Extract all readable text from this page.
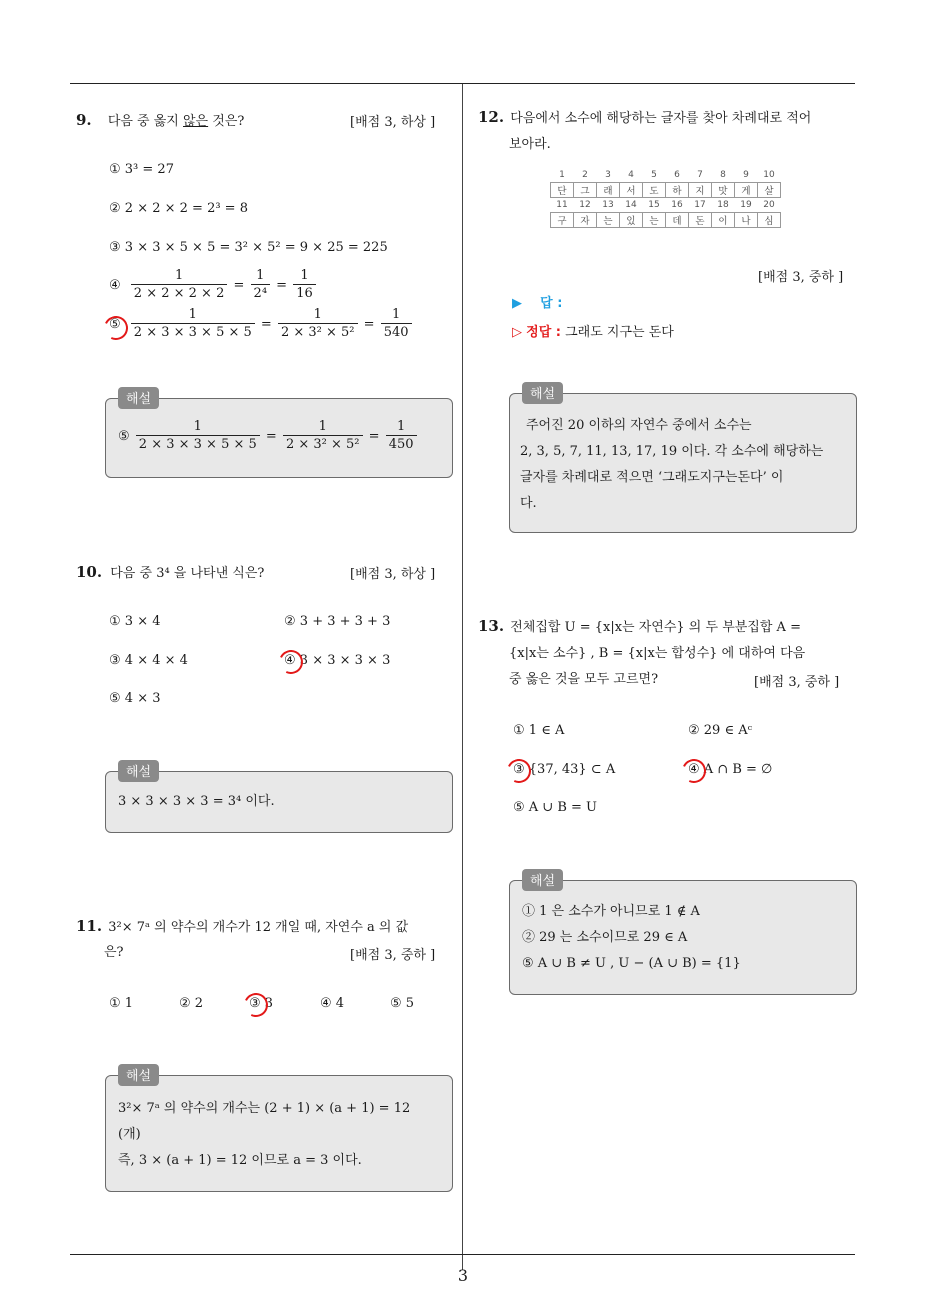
3
9. 다음 중 옳지 않은 것은?	[배점 3, 하상 ]
① 3³ = 27
② 2 × 2 × 2 = 2³ = 8
③ 3 × 3 × 5 × 5 = 3² × 5² = 9 × 25 = 225
④ $\frac{1}{2 \times 2 \times 2 \times 2} = \frac{1}{\text{2⁴}} = \frac{1}{16}$
⑤ $\frac{1}{2 \times 3 \times 3 \times 5 \times 5} = \frac{1}{\text{2 × 3² × 5²}} = \frac{1}{540}$
해설
⑤ $\frac{1}{2 \times 3 \times 3 \times 5 \times 5} = \frac{1}{\text{2 × 3² × 5²}} = \frac{1}{450}$
10. 다음 중 3⁴ 을 나타낸 식은?	[배점 3, 하상 ]
① 3 × 4	② 3 + 3 + 3 + 3
③ 4 × 4 × 4	④ 3 × 3 × 3 × 3
⑤ 4 × 3
해설
3 × 3 × 3 × 3 = 3⁴ 이다.
11. 3²× 7ᵃ 의 약수의 개수가 12 개일 때, 자연수 a 의 값
은?	[배점 3, 중하 ]
① 1	② 2	③ 3	④ 4	⑤ 5
해설
3²× 7ᵃ 의 약수의 개수는 (2 + 1) × (a + 1) = 12
(개)
즉, 3 × (a + 1) = 12 이므로 a = 3 이다.
12. 다음에서 소수에 해당하는 글자를 찾아 차례대로 적어
보아라.
1	2	3	4	5	6	7	8	9	10
단	그	래	서	도	하	지	맛	게	살
11	12	13	14	15	16	17	18	19	20
구	자	는	있	는	데	돈	이	나	심
[배점 3, 중하 ]
▶ 답 :
▷ 정답 : 그래도 지구는 돈다
해설
주어진 20 이하의 자연수 중에서 소수는
2, 3, 5, 7, 11, 13, 17, 19 이다. 각 소수에 해당하는
글자를 차례대로 적으면 ‘그래도지구는돈다’ 이
다.
13. 전체집합 U = {x|x는 자연수} 의 두 부분집합 A =
{x|x는 소수} , B = {x|x는 합성수} 에 대하여 다음
중 옳은 것을 모두 고르면?	[배점 3, 중하 ]
① 1 ∈ A	② 29 ∈ Aᶜ
③ {37, 43} ⊂ A	④ A ∩ B = ∅
⑤ A ∪ B = U
해설
① 1 은 소수가 아니므로 1 ∉ A
② 29 는 소수이므로 29 ∈ A
⑤ A ∪ B ≠ U , U − (A ∪ B) = {1}
